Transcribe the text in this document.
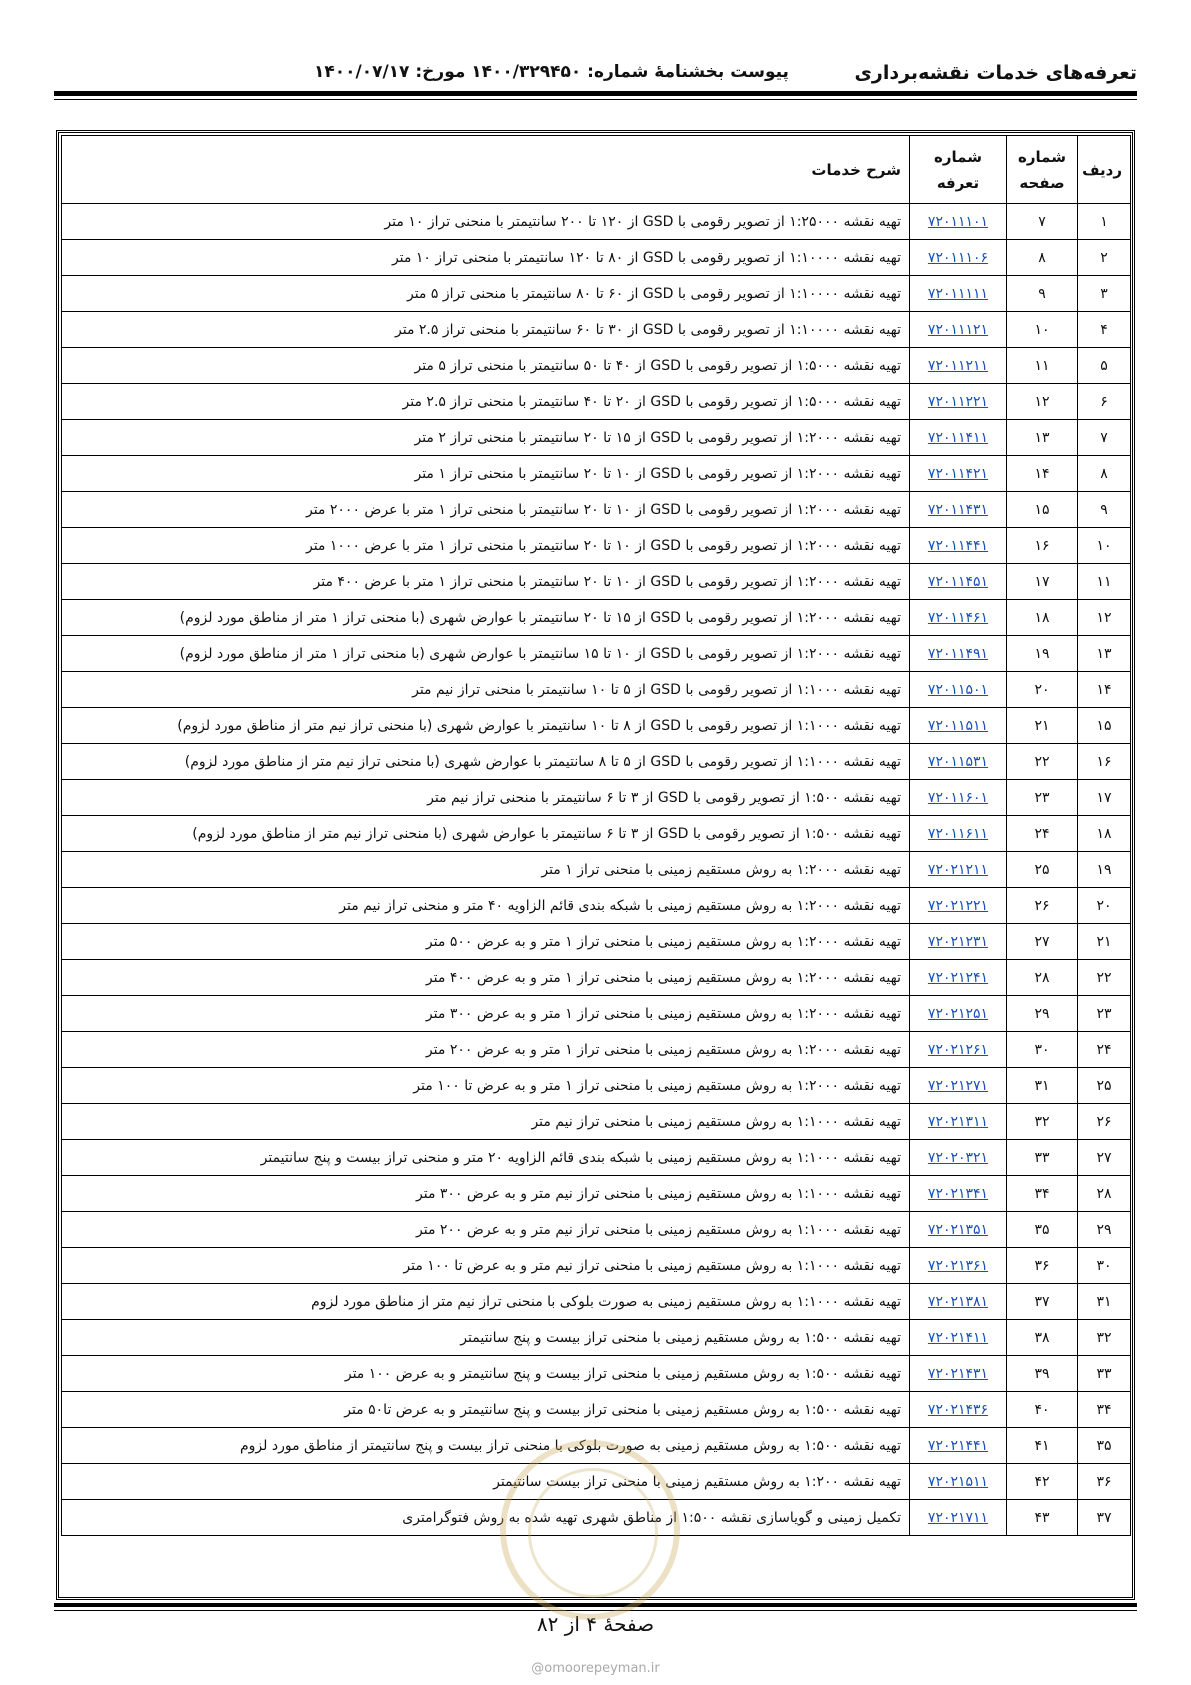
تعرفه‌های خدمات نقشه‌برداری
پیوست بخشنامهٔ شماره: ۱۴۰۰/۳۲۹۴۵۰ مورخ: ۱۴۰۰/۰۷/۱۷
ردیف	شماره صفحه	شماره تعرفه	شرح خدمات
۱	۷	۷۲۰۱۱۱۰۱	تهیه نقشه ۱:۲۵۰۰۰ از تصویر رقومی با GSD از ۱۲۰ تا ۲۰۰ سانتیمتر با منحنی تراز ۱۰ متر
۲	۸	۷۲۰۱۱۱۰۶	تهیه نقشه ۱:۱۰۰۰۰ از تصویر رقومی با GSD از ۸۰ تا ۱۲۰ سانتیمتر با منحنی تراز ۱۰ متر
۳	۹	۷۲۰۱۱۱۱۱	تهیه نقشه ۱:۱۰۰۰۰ از تصویر رقومی با GSD از ۶۰ تا ۸۰ سانتیمتر با منحنی تراز ۵ متر
۴	۱۰	۷۲۰۱۱۱۲۱	تهیه نقشه ۱:۱۰۰۰۰ از تصویر رقومی با GSD از ۳۰ تا ۶۰ سانتیمتر با منحنی تراز ۲.۵ متر
۵	۱۱	۷۲۰۱۱۲۱۱	تهیه نقشه ۱:۵۰۰۰ از تصویر رقومی با GSD از ۴۰ تا ۵۰ سانتیمتر با منحنی تراز ۵ متر
۶	۱۲	۷۲۰۱۱۲۲۱	تهیه نقشه ۱:۵۰۰۰ از تصویر رقومی با GSD از ۲۰ تا ۴۰ سانتیمتر با منحنی تراز ۲.۵ متر
۷	۱۳	۷۲۰۱۱۴۱۱	تهیه نقشه ۱:۲۰۰۰ از تصویر رقومی با GSD از ۱۵ تا ۲۰ سانتیمتر با منحنی تراز ۲ متر
۸	۱۴	۷۲۰۱۱۴۲۱	تهیه نقشه ۱:۲۰۰۰ از تصویر رقومی با GSD از ۱۰ تا ۲۰ سانتیمتر با منحنی تراز ۱ متر
۹	۱۵	۷۲۰۱۱۴۳۱	تهیه نقشه ۱:۲۰۰۰ از تصویر رقومی با GSD از ۱۰ تا ۲۰ سانتیمتر با منحنی تراز ۱ متر با عرض ۲۰۰۰ متر
۱۰	۱۶	۷۲۰۱۱۴۴۱	تهیه نقشه ۱:۲۰۰۰ از تصویر رقومی با GSD از ۱۰ تا ۲۰ سانتیمتر با منحنی تراز ۱ متر با عرض ۱۰۰۰ متر
۱۱	۱۷	۷۲۰۱۱۴۵۱	تهیه نقشه ۱:۲۰۰۰ از تصویر رقومی با GSD از ۱۰ تا ۲۰ سانتیمتر با منحنی تراز ۱ متر با عرض ۴۰۰ متر
۱۲	۱۸	۷۲۰۱۱۴۶۱	تهیه نقشه ۱:۲۰۰۰ از تصویر رقومی با GSD از ۱۵ تا ۲۰ سانتیمتر با عوارض شهری (با منحنی تراز ۱ متر از مناطق مورد لزوم)
۱۳	۱۹	۷۲۰۱۱۴۹۱	تهیه نقشه ۱:۲۰۰۰ از تصویر رقومی با GSD از ۱۰ تا ۱۵ سانتیمتر با عوارض شهری (با منحنی تراز ۱ متر از مناطق مورد لزوم)
۱۴	۲۰	۷۲۰۱۱۵۰۱	تهیه نقشه ۱:۱۰۰۰ از تصویر رقومی با GSD از ۵ تا ۱۰ سانتیمتر با منحنی تراز نیم متر
۱۵	۲۱	۷۲۰۱۱۵۱۱	تهیه نقشه ۱:۱۰۰۰ از تصویر رقومی با GSD از ۸ تا ۱۰ سانتیمتر با عوارض شهری (با منحنی تراز نیم متر از مناطق مورد لزوم)
۱۶	۲۲	۷۲۰۱۱۵۳۱	تهیه نقشه ۱:۱۰۰۰ از تصویر رقومی با GSD از ۵ تا ۸ سانتیمتر با عوارض شهری (با منحنی تراز نیم متر از مناطق مورد لزوم)
۱۷	۲۳	۷۲۰۱۱۶۰۱	تهیه نقشه ۱:۵۰۰ از تصویر رقومی با GSD از ۳ تا ۶ سانتیمتر با منحنی تراز نیم متر
۱۸	۲۴	۷۲۰۱۱۶۱۱	تهیه نقشه ۱:۵۰۰ از تصویر رقومی با GSD از ۳ تا ۶ سانتیمتر با عوارض شهری (با منحنی تراز نیم متر از مناطق مورد لزوم)
۱۹	۲۵	۷۲۰۲۱۲۱۱	تهیه نقشه ۱:۲۰۰۰ به روش مستقیم زمینی با منحنی تراز ۱ متر
۲۰	۲۶	۷۲۰۲۱۲۲۱	تهیه نقشه ۱:۲۰۰۰ به روش مستقیم زمینی با شبکه بندی قائم الزاویه ۴۰ متر و منحنی تراز نیم متر
۲۱	۲۷	۷۲۰۲۱۲۳۱	تهیه نقشه ۱:۲۰۰۰ به روش مستقیم زمینی با منحنی تراز ۱ متر و به عرض ۵۰۰ متر
۲۲	۲۸	۷۲۰۲۱۲۴۱	تهیه نقشه ۱:۲۰۰۰ به روش مستقیم زمینی با منحنی تراز ۱ متر و به عرض ۴۰۰ متر
۲۳	۲۹	۷۲۰۲۱۲۵۱	تهیه نقشه ۱:۲۰۰۰ به روش مستقیم زمینی با منحنی تراز ۱ متر و به عرض ۳۰۰ متر
۲۴	۳۰	۷۲۰۲۱۲۶۱	تهیه نقشه ۱:۲۰۰۰ به روش مستقیم زمینی با منحنی تراز ۱ متر و به عرض ۲۰۰ متر
۲۵	۳۱	۷۲۰۲۱۲۷۱	تهیه نقشه ۱:۲۰۰۰ به روش مستقیم زمینی با منحنی تراز ۱ متر و به عرض تا ۱۰۰ متر
۲۶	۳۲	۷۲۰۲۱۳۱۱	تهیه نقشه ۱:۱۰۰۰ به روش مستقیم زمینی با منحنی تراز نیم متر
۲۷	۳۳	۷۲۰۲۰۳۲۱	تهیه نقشه ۱:۱۰۰۰ به روش مستقیم زمینی با شبکه بندی قائم الزاویه ۲۰ متر و منحنی تراز بیست و پنج سانتیمتر
۲۸	۳۴	۷۲۰۲۱۳۴۱	تهیه نقشه ۱:۱۰۰۰ به روش مستقیم زمینی با منحنی تراز نیم متر و به عرض ۳۰۰ متر
۲۹	۳۵	۷۲۰۲۱۳۵۱	تهیه نقشه ۱:۱۰۰۰ به روش مستقیم زمینی با منحنی تراز نیم متر و به عرض ۲۰۰ متر
۳۰	۳۶	۷۲۰۲۱۳۶۱	تهیه نقشه ۱:۱۰۰۰ به روش مستقیم زمینی با منحنی تراز نیم متر و به عرض تا ۱۰۰ متر
۳۱	۳۷	۷۲۰۲۱۳۸۱	تهیه نقشه ۱:۱۰۰۰ به روش مستقیم زمینی به صورت بلوکی با منحنی تراز نیم متر از مناطق مورد لزوم
۳۲	۳۸	۷۲۰۲۱۴۱۱	تهیه نقشه ۱:۵۰۰ به روش مستقیم زمینی با منحنی تراز بیست و پنج سانتیمتر
۳۳	۳۹	۷۲۰۲۱۴۳۱	تهیه نقشه ۱:۵۰۰ به روش مستقیم زمینی با منحنی تراز بیست و پنج سانتیمتر و به عرض ۱۰۰ متر
۳۴	۴۰	۷۲۰۲۱۴۳۶	تهیه نقشه ۱:۵۰۰ به روش مستقیم زمینی با منحنی تراز بیست و پنج سانتیمتر و به عرض تا۵۰ متر
۳۵	۴۱	۷۲۰۲۱۴۴۱	تهیه نقشه ۱:۵۰۰ به روش مستقیم زمینی به صورت بلوکی با منحنی تراز بیست و پنج سانتیمتر از مناطق مورد لزوم
۳۶	۴۲	۷۲۰۲۱۵۱۱	تهیه نقشه ۱:۲۰۰ به روش مستقیم زمینی با منحنی تراز بیست سانتیمتر
۳۷	۴۳	۷۲۰۲۱۷۱۱	تکمیل زمینی و گویاسازی نقشه ۱:۵۰۰ از مناطق شهری تهیه شده به روش فتوگرامتری
صفحهٔ ۴ از ۸۲
@omoorepeyman.ir
